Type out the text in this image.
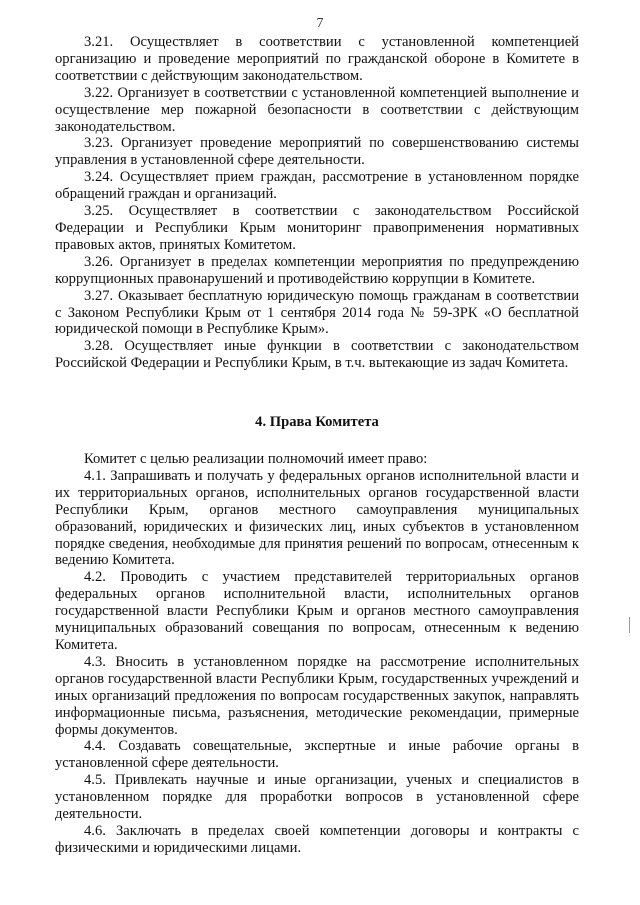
7

3.21. Осуществляет в соответствии с установленной компетенцией организацию и проведение мероприятий по гражданской обороне в Комитете в соответствии с действующим законодательством.

3.22. Организует в соответствии с установленной компетенцией выполнение и осуществление мер пожарной безопасности в соответствии с действующим законодательством.

3.23. Организует проведение мероприятий по совершенствованию системы управления в установленной сфере деятельности.

3.24. Осуществляет прием граждан, рассмотрение в установленном порядке обращений граждан и организаций.

3.25. Осуществляет в соответствии с законодательством Российской Федерации и Республики Крым мониторинг правоприменения нормативных правовых актов, принятых Комитетом.

3.26. Организует в пределах компетенции мероприятия по предупреждению коррупционных правонарушений и противодействию коррупции в Комитете.

3.27. Оказывает бесплатную юридическую помощь гражданам в соответствии с Законом Республики Крым от 1 сентября 2014 года № 59-ЗРК «О бесплатной юридической помощи в Республике Крым».

3.28. Осуществляет иные функции в соответствии с законодательством Российской Федерации и Республики Крым, в т.ч. вытекающие из задач Комитета.

4. Права Комитета

Комитет с целью реализации полномочий имеет право:

4.1. Запрашивать и получать у федеральных органов исполнительной власти и их территориальных органов, исполнительных органов государственной власти Республики Крым, органов местного самоуправления муниципальных образований, юридических и физических лиц, иных субъектов в установленном порядке сведения, необходимые для принятия решений по вопросам, отнесенным к ведению Комитета.

4.2. Проводить с участием представителей территориальных органов федеральных органов исполнительной власти, исполнительных органов государственной власти Республики Крым и органов местного самоуправления муниципальных образований совещания по вопросам, отнесенным к ведению Комитета.

4.3. Вносить в установленном порядке на рассмотрение исполнительных органов государственной власти Республики Крым, государственных учреждений и иных организаций предложения по вопросам государственных закупок, направлять информационные письма, разъяснения, методические рекомендации, примерные формы документов.

4.4. Создавать совещательные, экспертные и иные рабочие органы в установленной сфере деятельности.

4.5. Привлекать научные и иные организации, ученых и специалистов в установленном порядке для проработки вопросов в установленной сфере деятельности.

4.6. Заключать в пределах своей компетенции договоры и контракты с физическими и юридическими лицами.
